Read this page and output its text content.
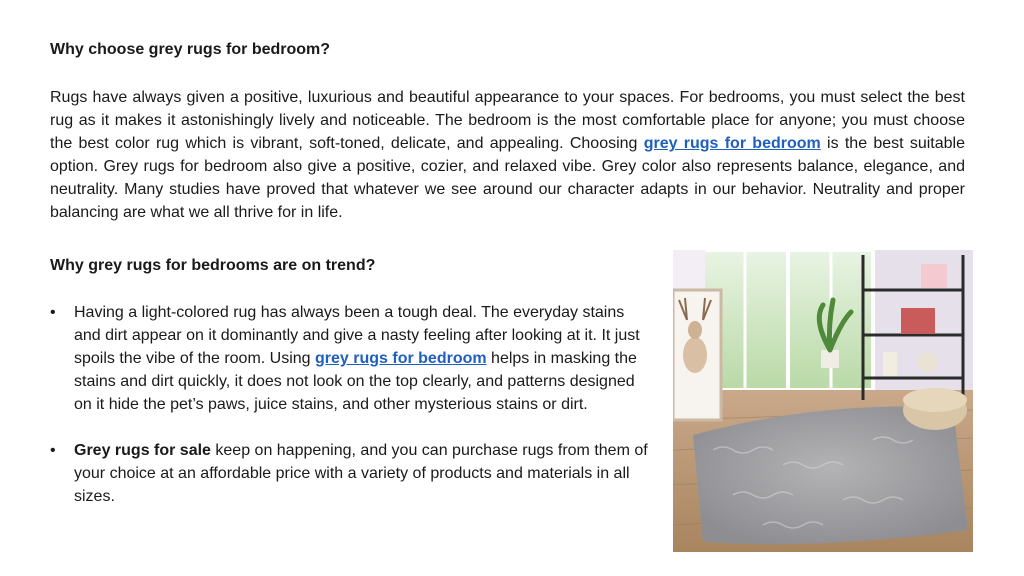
Why choose grey rugs for bedroom?
Rugs have always given a positive, luxurious and beautiful appearance to your spaces. For bedrooms, you must select the best rug as it makes it astonishingly lively and noticeable. The bedroom is the most comfortable place for anyone; you must choose the best color rug which is vibrant, soft-toned, delicate, and appealing. Choosing grey rugs for bedroom is the best suitable option. Grey rugs for bedroom also give a positive, cozier, and relaxed vibe. Grey color also represents balance, elegance, and neutrality. Many studies have proved that whatever we see around our character adapts in our behavior. Neutrality and proper balancing are what we all thrive for in life.
Why grey rugs for bedrooms are on trend?
•	Having a light-colored rug has always been a tough deal. The everyday stains and dirt appear on it dominantly and give a nasty feeling after looking at it. It just spoils the vibe of the room. Using grey rugs for bedroom helps in masking the stains and dirt quickly, it does not look on the top clearly, and patterns designed on it hide the pet’s paws, juice stains, and other mysterious stains or dirt.
•	Grey rugs for sale keep on happening, and you can purchase rugs from them of your choice at an affordable price with a variety of products and materials in all sizes.
